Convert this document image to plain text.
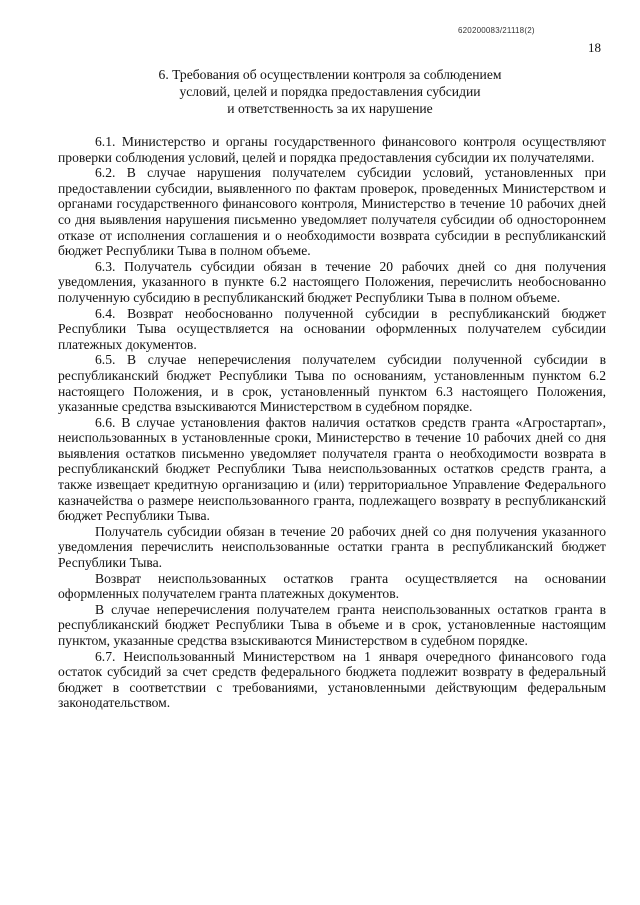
620200083/21118(2)
18
6. Требования об осуществлении контроля за соблюдением
условий, целей и порядка предоставления субсидии
и ответственность за их нарушение

6.1. Министерство и органы государственного финансового контроля осуществляют проверки соблюдения условий, целей и порядка предоставления субсидии их получателями.

6.2. В случае нарушения получателем субсидии условий, установленных при предоставлении субсидии, выявленного по фактам проверок, проведенных Министерством и органами государственного финансового контроля, Министерство в течение 10 рабочих дней со дня выявления нарушения письменно уведомляет получателя субсидии об одностороннем отказе от исполнения соглашения и о необходимости возврата субсидии в республиканский бюджет Республики Тыва в полном объеме.

6.3. Получатель субсидии обязан в течение 20 рабочих дней со дня получения уведомления, указанного в пункте 6.2 настоящего Положения, перечислить необоснованно полученную субсидию в республиканский бюджет Республики Тыва в полном объеме.

6.4. Возврат необоснованно полученной субсидии в республиканский бюджет Республики Тыва осуществляется на основании оформленных получателем субсидии платежных документов.

6.5. В случае неперечисления получателем субсидии полученной субсидии в республиканский бюджет Республики Тыва по основаниям, установленным пунктом 6.2 настоящего Положения, и в срок, установленный пунктом 6.3 настоящего Положения, указанные средства взыскиваются Министерством в судебном порядке.

6.6. В случае установления фактов наличия остатков средств гранта «Агростартап», неиспользованных в установленные сроки, Министерство в течение 10 рабочих дней со дня выявления остатков письменно уведомляет получателя гранта о необходимости возврата в республиканский бюджет Республики Тыва неиспользованных остатков средств гранта, а также извещает кредитную организацию и (или) территориальное Управление Федерального казначейства о размере неиспользованного гранта, подлежащего возврату в республиканский бюджет Республики Тыва.

Получатель субсидии обязан в течение 20 рабочих дней со дня получения указанного уведомления перечислить неиспользованные остатки гранта в республиканский бюджет Республики Тыва.

Возврат неиспользованных остатков гранта осуществляется на основании оформленных получателем гранта платежных документов.

В случае неперечисления получателем гранта неиспользованных остатков гранта в республиканский бюджет Республики Тыва в объеме и в срок, установленные настоящим пунктом, указанные средства взыскиваются Министерством в судебном порядке.

6.7. Неиспользованный Министерством на 1 января очередного финансового года остаток субсидий за счет средств федерального бюджета подлежит возврату в федеральный бюджет в соответствии с требованиями, установленными действующим федеральным законодательством.
